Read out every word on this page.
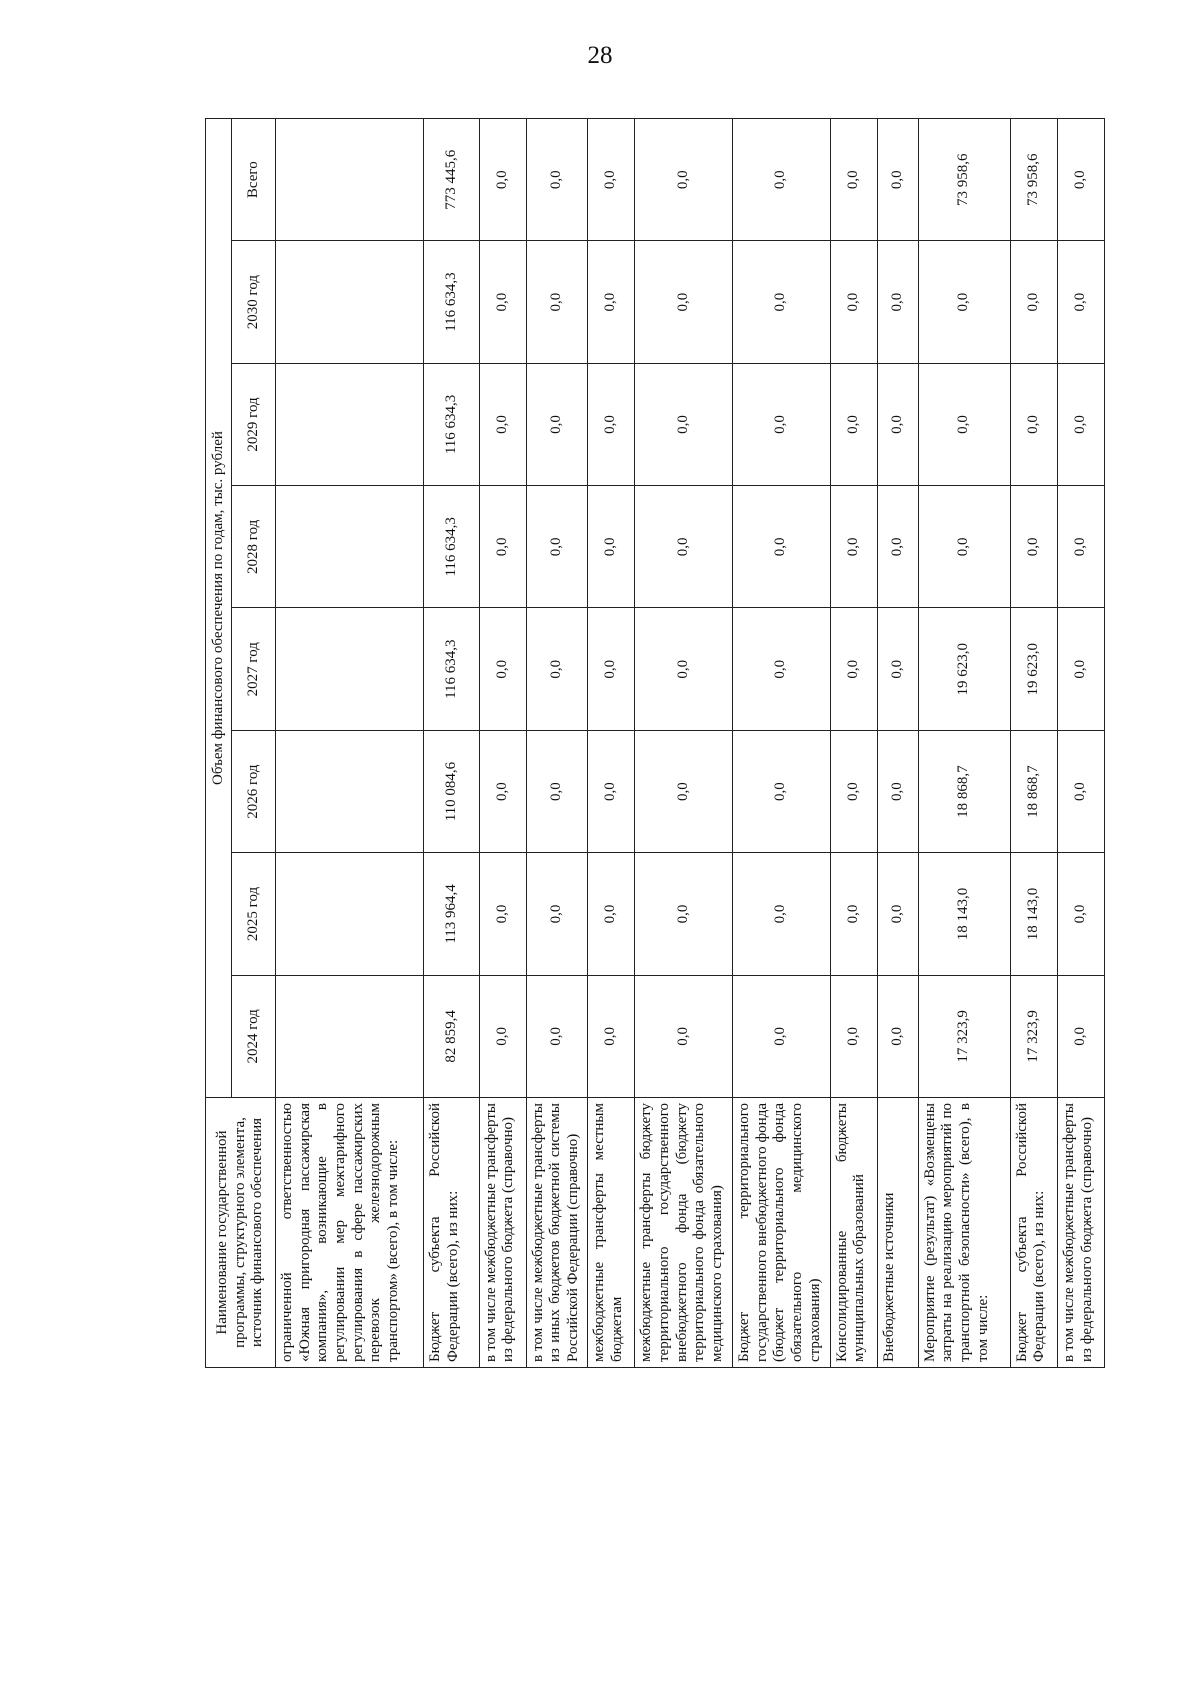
28
Наименование государственной программы, структурного элемента, источник финансового обеспечения	Объем финансового обеспечения по годам, тыс. рублей							
	2024 год	2025 год	2026 год	2027 год	2028 год	2029 год	2030 год	Всего
ограниченной ответственностью «Южная пригородная пассажирская компания», возникающие в регулировании мер межтарифного регулирования в сфере пассажирских перевозок железнодорожным транспортом» (всего), в том числе:								
Бюджет субъекта Российской Федерации (всего), из них:	82 859,4	113 964,4	110 084,6	116 634,3	116 634,3	116 634,3	116 634,3	773 445,6
в том числе межбюджетные трансферты из федерального бюджета (справочно)	0,0	0,0	0,0	0,0	0,0	0,0	0,0	0,0
в том числе межбюджетные трансферты из иных бюджетов бюджетной системы Российской Федерации (справочно)	0,0	0,0	0,0	0,0	0,0	0,0	0,0	0,0
межбюджетные трансферты местным бюджетам	0,0	0,0	0,0	0,0	0,0	0,0	0,0	0,0
межбюджетные трансферты бюджету территориального государственного внебюджетного фонда (бюджету территориального фонда обязательного медицинского страхования)	0,0	0,0	0,0	0,0	0,0	0,0	0,0	0,0
Бюджет территориального государственного внебюджетного фонда (бюджет территориального фонда обязательного медицинского страхования)	0,0	0,0	0,0	0,0	0,0	0,0	0,0	0,0
Консолидированные бюджеты муниципальных образований	0,0	0,0	0,0	0,0	0,0	0,0	0,0	0,0
Внебюджетные источники	0,0	0,0	0,0	0,0	0,0	0,0	0,0	0,0
Мероприятие (результат) «Возмещены затраты на реализацию мероприятий по транспортной безопасности» (всего), в том числе:	17 323,9	18 143,0	18 868,7	19 623,0	0,0	0,0	0,0	73 958,6
Бюджет субъекта Российской Федерации (всего), из них:	17 323,9	18 143,0	18 868,7	19 623,0	0,0	0,0	0,0	73 958,6
в том числе межбюджетные трансферты из федерального бюджета (справочно)	0,0	0,0	0,0	0,0	0,0	0,0	0,0	0,0
